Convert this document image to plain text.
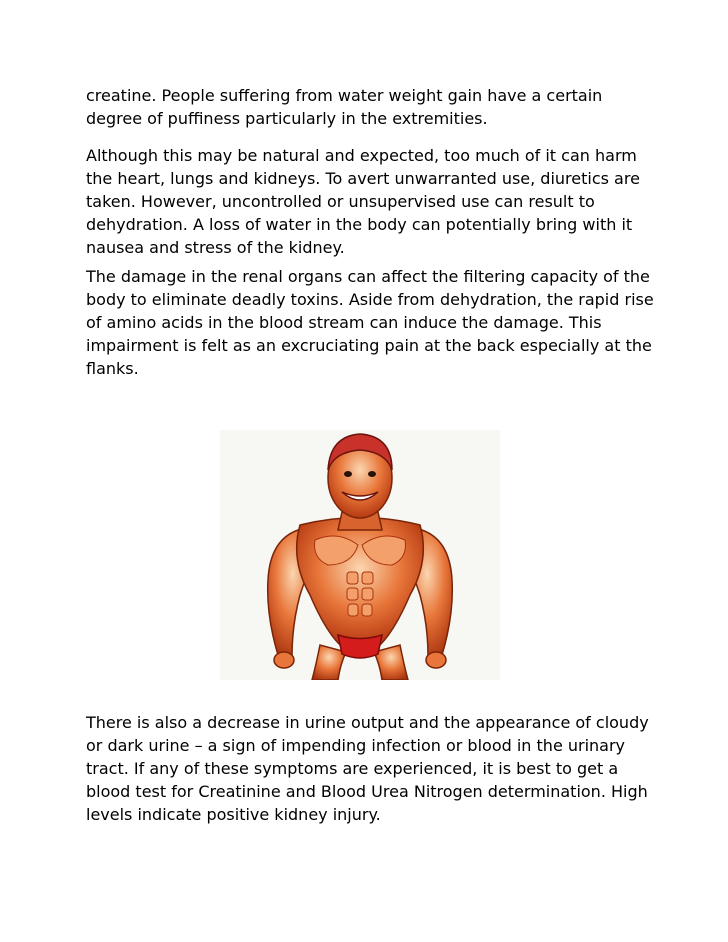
creatine. People suffering from water weight gain have a certain degree of puffiness particularly in the extremities.

Although this may be natural and expected, too much of it can harm the heart, lungs and kidneys. To avert unwarranted use, diuretics are taken. However, uncontrolled or unsupervised use can result to dehydration. A loss of water in the body can potentially bring with it nausea and stress of the kidney.

The damage in the renal organs can affect the filtering capacity of the body to eliminate deadly toxins. Aside from dehydration, the rapid rise of amino acids in the blood stream can induce the damage. This impairment is felt as an excruciating pain at the back especially at the flanks.

There is also a decrease in urine output and the appearance of cloudy or dark urine – a sign of impending infection or blood in the urinary tract. If any of these symptoms are experienced, it is best to get a blood test for Creatinine and Blood Urea Nitrogen determination. High levels indicate positive kidney injury.
